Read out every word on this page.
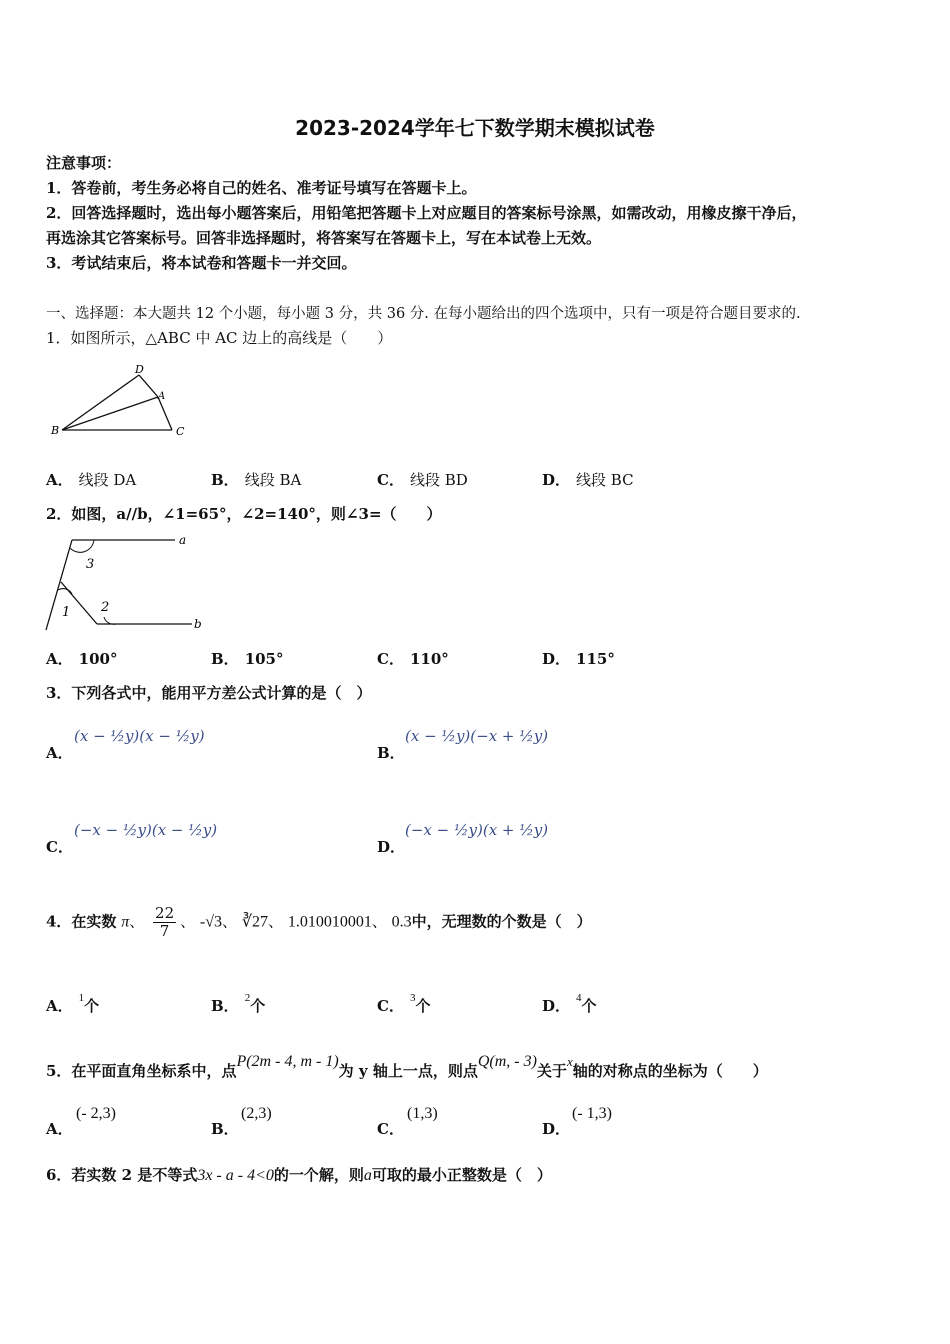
2023-2024学年七下数学期末模拟试卷
注意事项：
1．答卷前，考生务必将自己的姓名、准考证号填写在答题卡上。
2．回答选择题时，选出每小题答案后，用铅笔把答题卡上对应题目的答案标号涂黑，如需改动，用橡皮擦干净后，
再选涂其它答案标号。回答非选择题时，将答案写在答题卡上，写在本试卷上无效。
3．考试结束后，将本试卷和答题卡一并交回。
一、选择题：本大题共 12 个小题，每小题 3 分，共 36 分. 在每小题给出的四个选项中，只有一项是符合题目要求的.
1．如图所示，△ABC 中 AC 边上的高线是（　　）
B	C
D
A
A． 线段 DA	B． 线段 BA	C． 线段 BD	D． 线段 BC
2．如图，a//b，∠1=65°，∠2=140°，则∠3=（　　）
a
b
3
1 2
A． 100°	B． 105°	C． 110°	D． 115°
3．下列各式中，能用平方差公式计算的是（　）
A．
(x − ½y)(x − ½y)
B．
(x − ½y)(−x + ½y)
C．
(−x − ½y)(x − ½y)
D．
(−x − ½y)(x + ½y)
4．在实数 π、 $\frac{22}{7}$ 、 -√3、 ∛27、 1.010010001、 0.3中，无理数的个数是（　）
A． $^1$个	B． $^2$个	C． $^3$个	D． $^4$个
5．在平面直角坐标系中，点P(2m - 4, m - 1)为 y 轴上一点，则点Q(m, - 3)关于x轴的对称点的坐标为（　　）
A．
(- 2,3)
B．
(2,3)
C．
(1,3)
D．
(- 1,3)
6．若实数 2 是不等式3x - a - 4<0的一个解，则a可取的最小正整数是（　）
